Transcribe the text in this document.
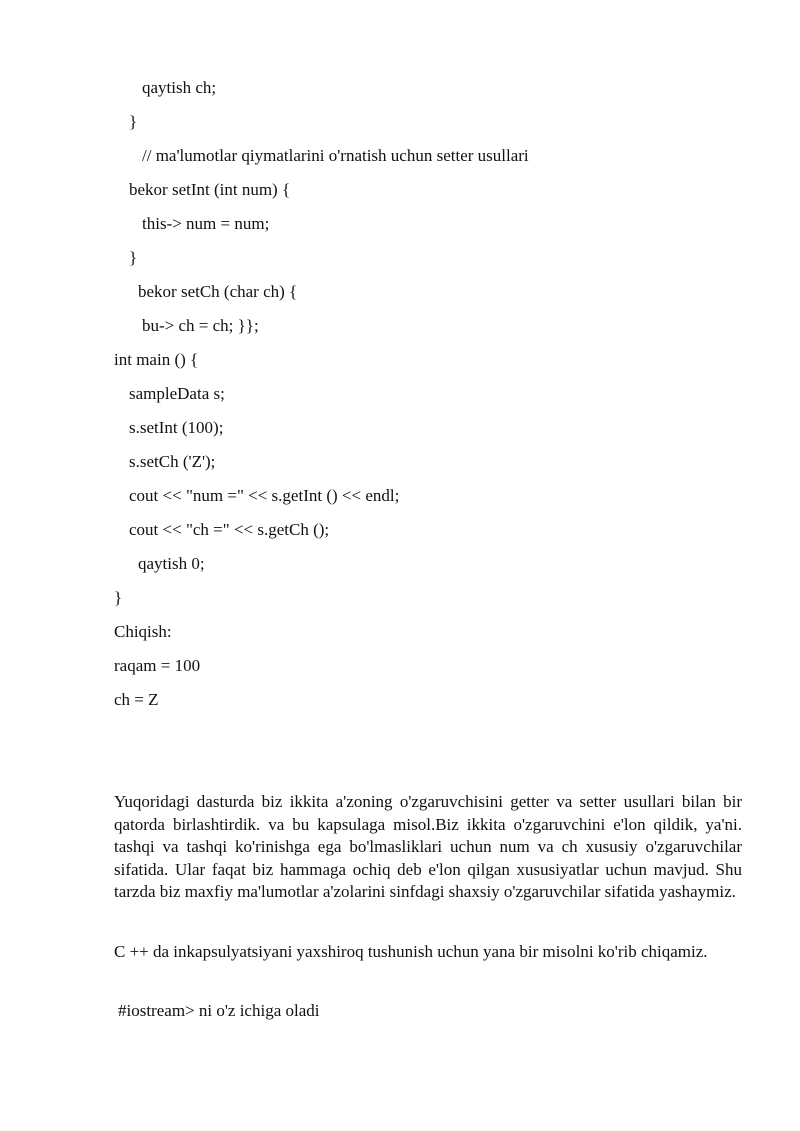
qaytish ch;
}
// ma'lumotlar qiymatlarini o'rnatish uchun setter usullari
bekor setInt (int num) {
this-> num = num;
}
bekor setCh (char ch) {
bu-> ch = ch; }};
int main () {
sampleData s;
s.setInt (100);
s.setCh ('Z');
cout << "num =" << s.getInt () << endl;
cout << "ch =" << s.getCh ();
qaytish 0;
}
Chiqish:
raqam = 100
ch = Z
Yuqoridagi dasturda biz ikkita a'zoning o'zgaruvchisini getter va setter usullari bilan bir qatorda birlashtirdik. va bu kapsulaga misol.Biz ikkita o'zgaruvchini e'lon qildik, ya'ni. tashqi va tashqi ko'rinishga ega bo'lmasliklari uchun num va ch xususiy o'zgaruvchilar sifatida. Ular faqat biz hammaga ochiq deb e'lon qilgan xususiyatlar uchun mavjud. Shu tarzda biz maxfiy ma'lumotlar a'zolarini sinfdagi shaxsiy o'zgaruvchilar sifatida yashaymiz.
C ++ da inkapsulyatsiyani yaxshiroq tushunish uchun yana bir misolni ko'rib chiqamiz.
#iostream> ni o'z ichiga oladi
